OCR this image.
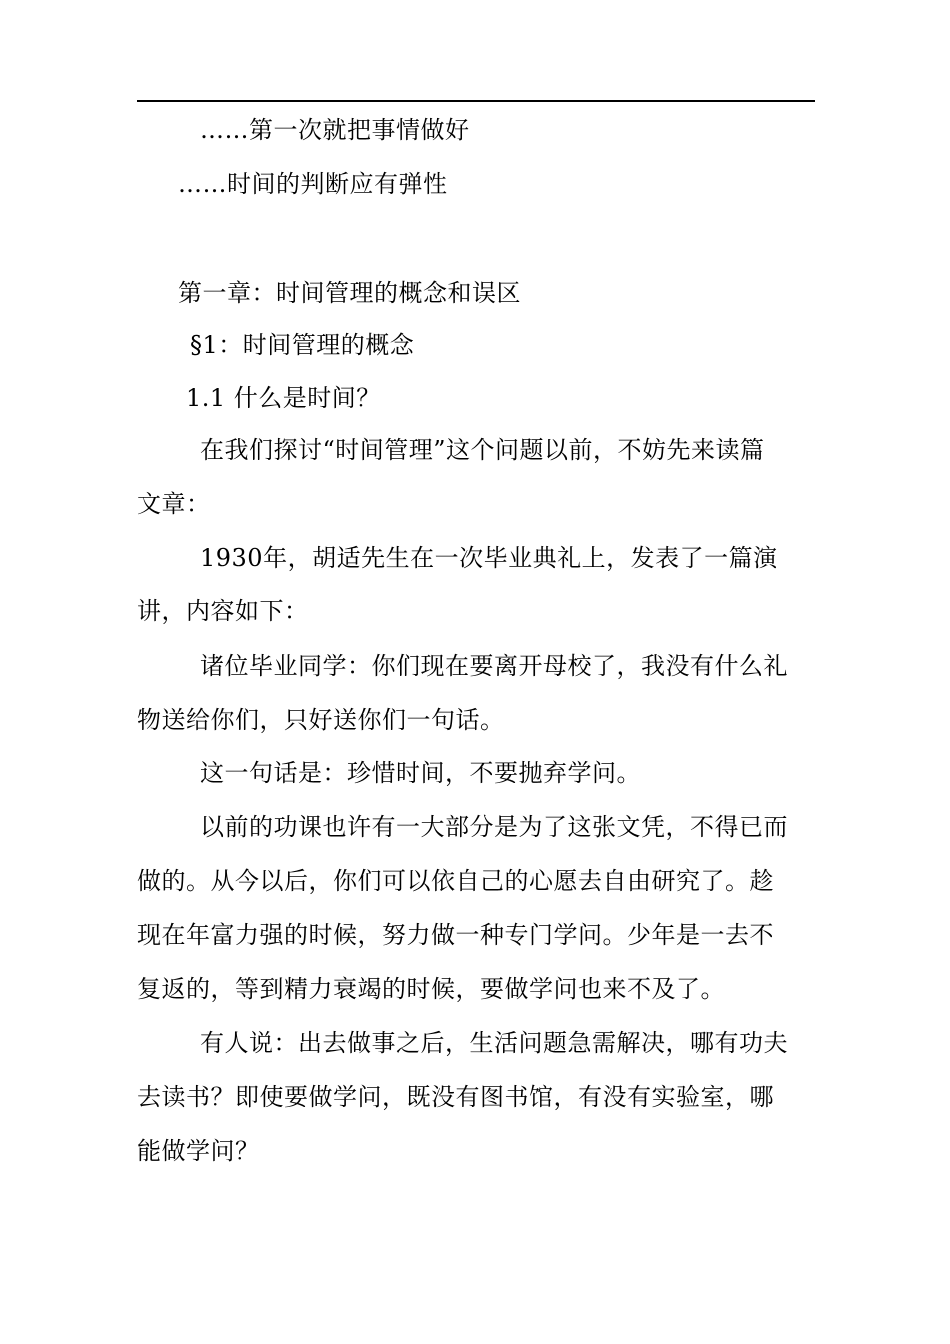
……第一次就把事情做好
……时间的判断应有弹性
第一章：时间管理的概念和误区
§1：时间管理的概念
1.1 什么是时间？
在我们探讨“时间管理”这个问题以前，不妨先来读篇
文章：
1930年，胡适先生在一次毕业典礼上，发表了一篇演
讲，内容如下：
诸位毕业同学：你们现在要离开母校了，我没有什么礼
物送给你们，只好送你们一句话。
这一句话是：珍惜时间，不要抛弃学问。
以前的功课也许有一大部分是为了这张文凭，不得已而
做的。从今以后，你们可以依自己的心愿去自由研究了。趁
现在年富力强的时候，努力做一种专门学问。少年是一去不
复返的，等到精力衰竭的时候，要做学问也来不及了。
有人说：出去做事之后，生活问题急需解决，哪有功夫
去读书？即使要做学问，既没有图书馆，有没有实验室，哪
能做学问？
